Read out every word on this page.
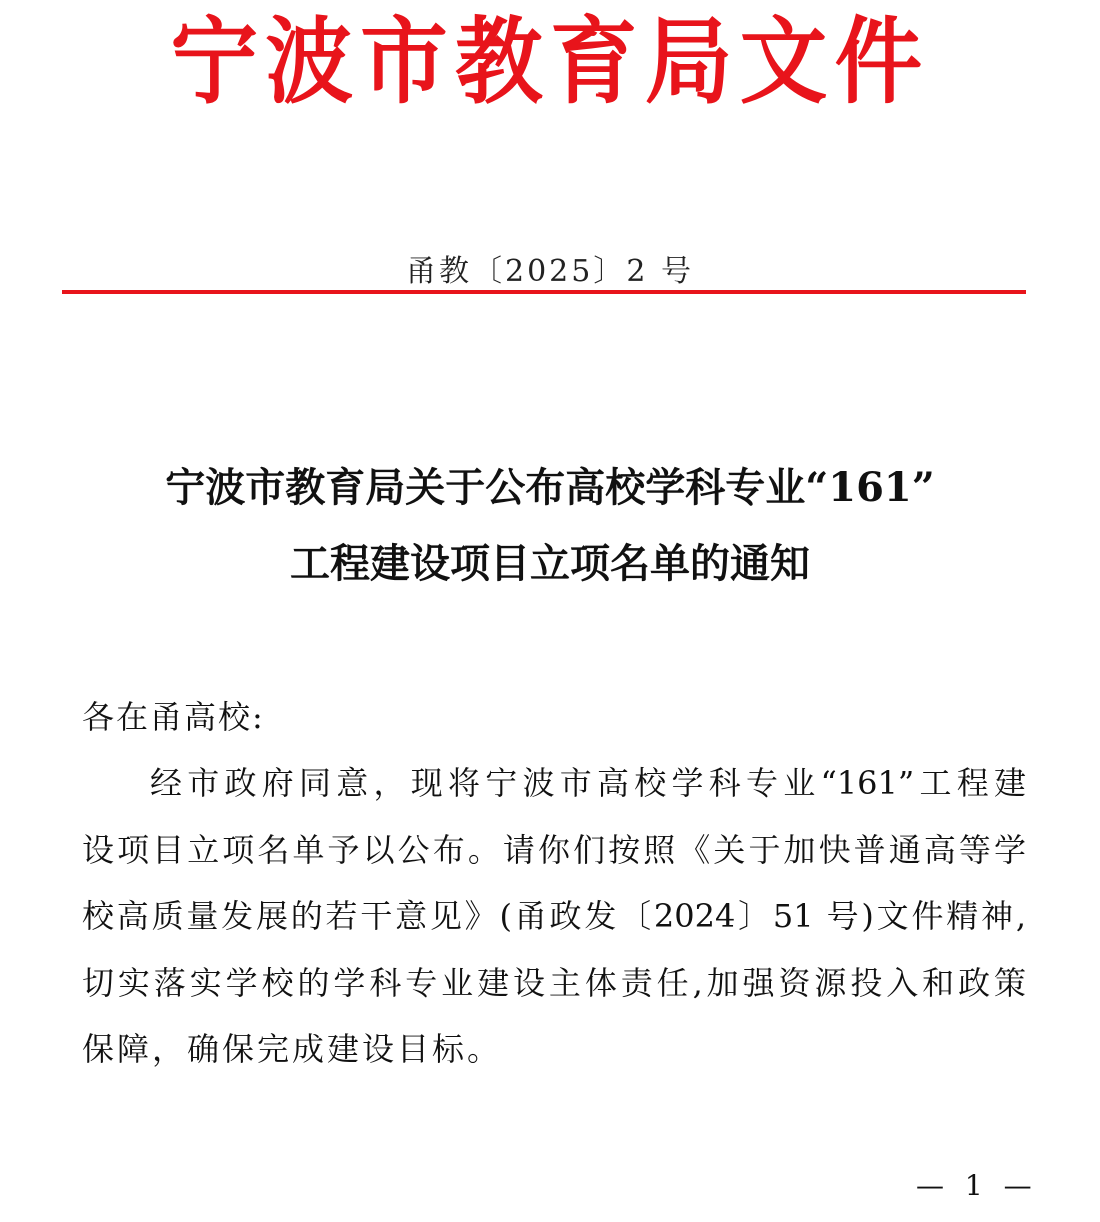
宁波市教育局文件
甬教〔2025〕2 号
宁波市教育局关于公布高校学科专业“161”
工程建设项目立项名单的通知
各在甬高校:
经市政府同意，现将宁波市高校学科专业“161”工程建
设项目立项名单予以公布。请你们按照《关于加快普通高等学
校高质量发展的若干意见》(甬政发〔2024〕51 号)文件精神,
切实落实学校的学科专业建设主体责任,加强资源投入和政策
保障，确保完成建设目标。
— 1 —
